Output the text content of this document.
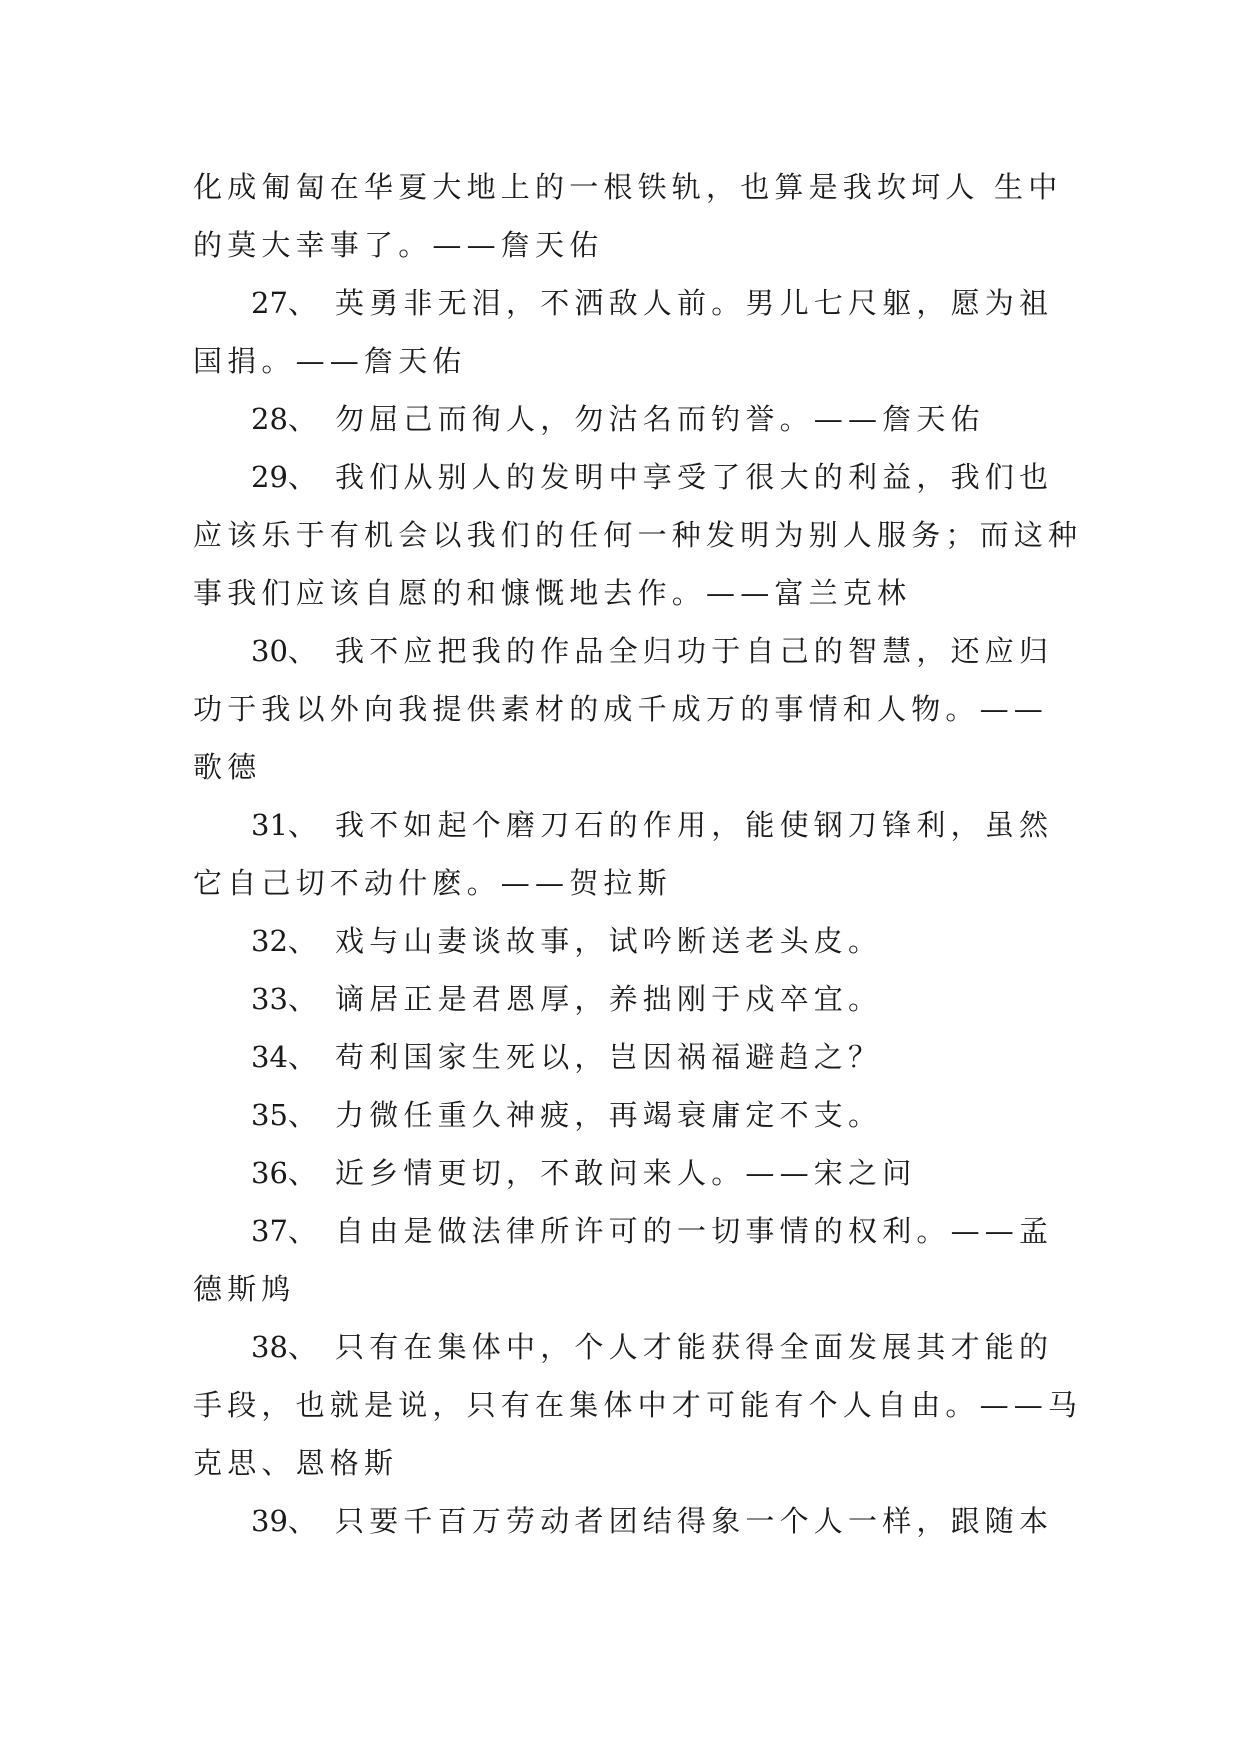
化成匍匐在华夏大地上的一根铁轨，也算是我坎坷人 生中
的莫大幸事了。——詹天佑
27、 英勇非无泪，不洒敌人前。男儿七尺躯，愿为祖
国捐。——詹天佑
28、 勿屈己而徇人，勿沽名而钓誉。——詹天佑
29、 我们从别人的发明中享受了很大的利益，我们也
应该乐于有机会以我们的任何一种发明为别人服务；而这种
事我们应该自愿的和慷慨地去作。——富兰克林
30、 我不应把我的作品全归功于自己的智慧，还应归
功于我以外向我提供素材的成千成万的事情和人物。——
歌德
31、 我不如起个磨刀石的作用，能使钢刀锋利，虽然
它自己切不动什麽。——贺拉斯
32、 戏与山妻谈故事，试吟断送老头皮。
33、 谪居正是君恩厚，养拙刚于戍卒宜。
34、 苟利国家生死以，岂因祸福避趋之？
35、 力微任重久神疲，再竭衰庸定不支。
36、 近乡情更切，不敢问来人。——宋之问
37、 自由是做法律所许可的一切事情的权利。——孟
德斯鸠
38、 只有在集体中，个人才能获得全面发展其才能的
手段，也就是说，只有在集体中才可能有个人自由。——马
克思、恩格斯
39、 只要千百万劳动者团结得象一个人一样，跟随本
